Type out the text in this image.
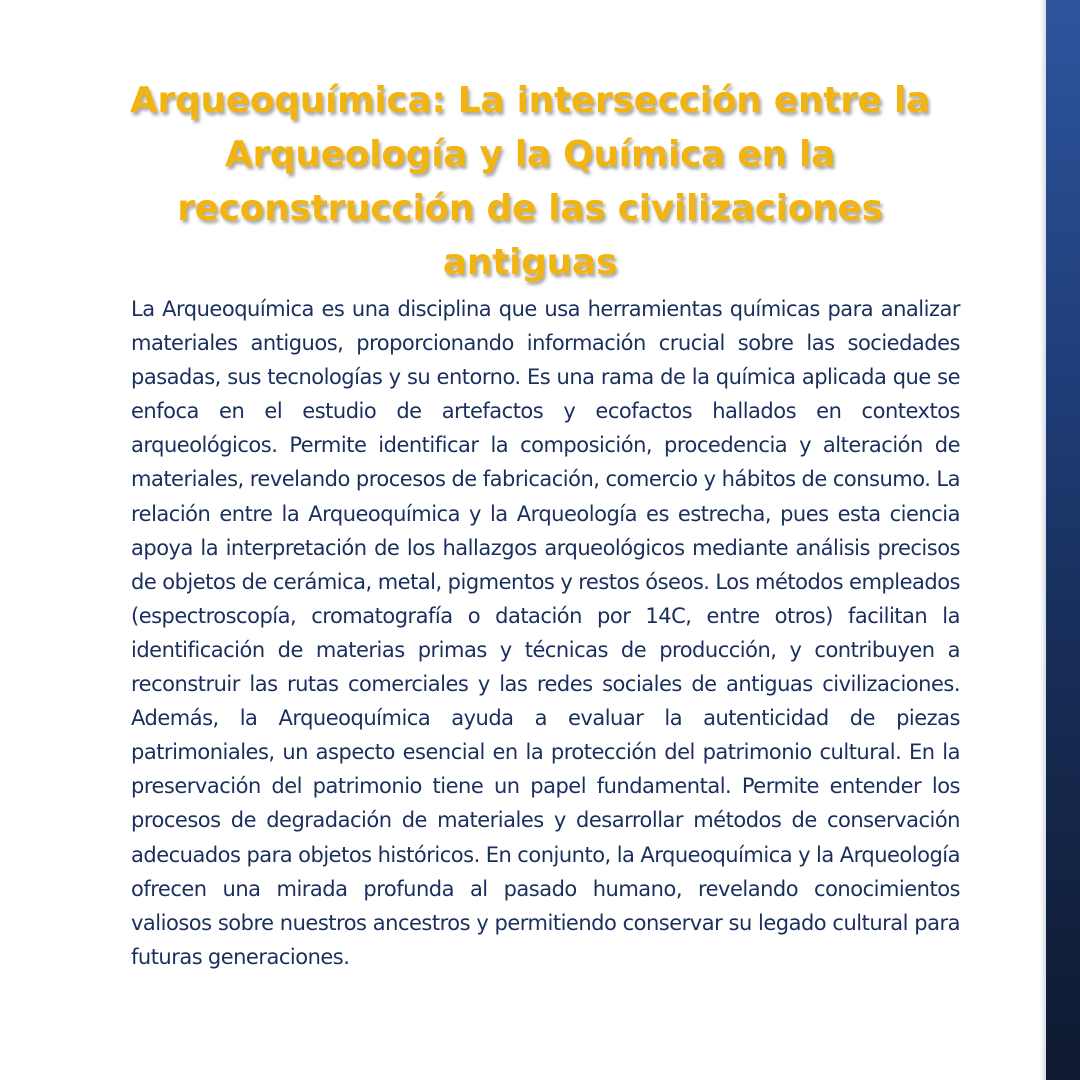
Arqueoquímica: La intersección entre la Arqueología y la Química en la reconstrucción de las civilizaciones antiguas

La Arqueoquímica es una disciplina que usa herramientas químicas para analizar materiales antiguos, proporcionando información crucial sobre las sociedades pasadas, sus tecnologías y su entorno. Es una rama de la química aplicada que se enfoca en el estudio de artefactos y ecofactos hallados en contextos arqueológicos. Permite identificar la composición, procedencia y alteración de materiales, revelando procesos de fabricación, comercio y hábitos de consumo. La relación entre la Arqueoquímica y la Arqueología es estrecha, pues esta ciencia apoya la interpretación de los hallazgos arqueológicos mediante análisis precisos de objetos de cerámica, metal, pigmentos y restos óseos. Los métodos empleados (espectroscopía, cromatografía o datación por 14C, entre otros) facilitan la identificación de materias primas y técnicas de producción, y contribuyen a reconstruir las rutas comerciales y las redes sociales de antiguas civilizaciones. Además, la Arqueoquímica ayuda a evaluar la autenticidad de piezas patrimoniales, un aspecto esencial en la protección del patrimonio cultural. En la preservación del patrimonio tiene un papel fundamental. Permite entender los procesos de degradación de materiales y desarrollar métodos de conservación adecuados para objetos históricos. En conjunto, la Arqueoquímica y la Arqueología ofrecen una mirada profunda al pasado humano, revelando conocimientos valiosos sobre nuestros ancestros y permitiendo conservar su legado cultural para futuras generaciones.
